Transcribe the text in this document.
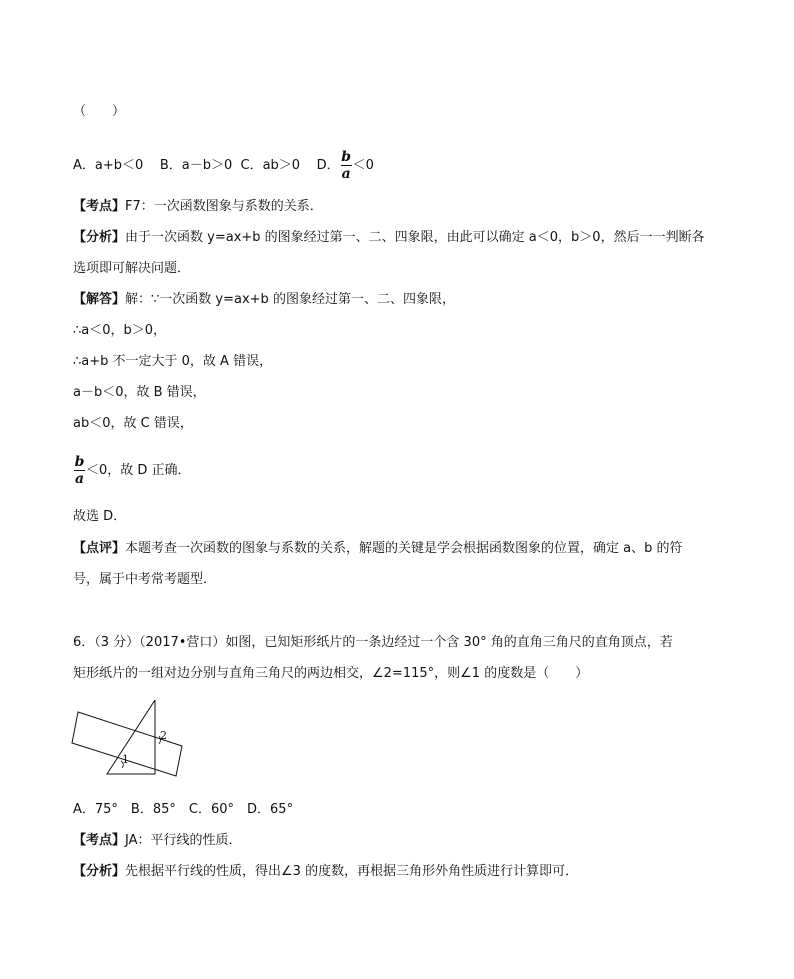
（　　）
A．a+b＜0 B．a－b＞0 C．ab＞0 D． $\frac{b}{a} <0$
【考点】F7：一次函数图象与系数的关系．
【分析】由于一次函数 y=ax+b 的图象经过第一、二、四象限，由此可以确定 a＜0，b＞0，然后一一判断各
选项即可解决问题．
【解答】解：∵一次函数 y=ax+b 的图象经过第一、二、四象限，
∴a＜0，b＞0，
∴a+b 不一定大于 0，故 A 错误，
a－b＜0，故 B 错误，
ab＜0，故 C 错误，
$\frac{b}{a} <0$，故 D 正确．
故选 D．
【点评】本题考查一次函数的图象与系数的关系，解题的关键是学会根据函数图象的位置，确定 a、b 的符
号，属于中考常考题型．
6．（3 分）（2017•营口）如图，已知矩形纸片的一条边经过一个含 30° 角的直角三角尺的直角顶点，若
矩形纸片的一组对边分别与直角三角尺的两边相交，∠2=115°，则∠1 的度数是（　　）
2
1
A．75°　B．85°　C．60°　D．65°
【考点】JA：平行线的性质．
【分析】先根据平行线的性质，得出∠3 的度数，再根据三角形外角性质进行计算即可．
